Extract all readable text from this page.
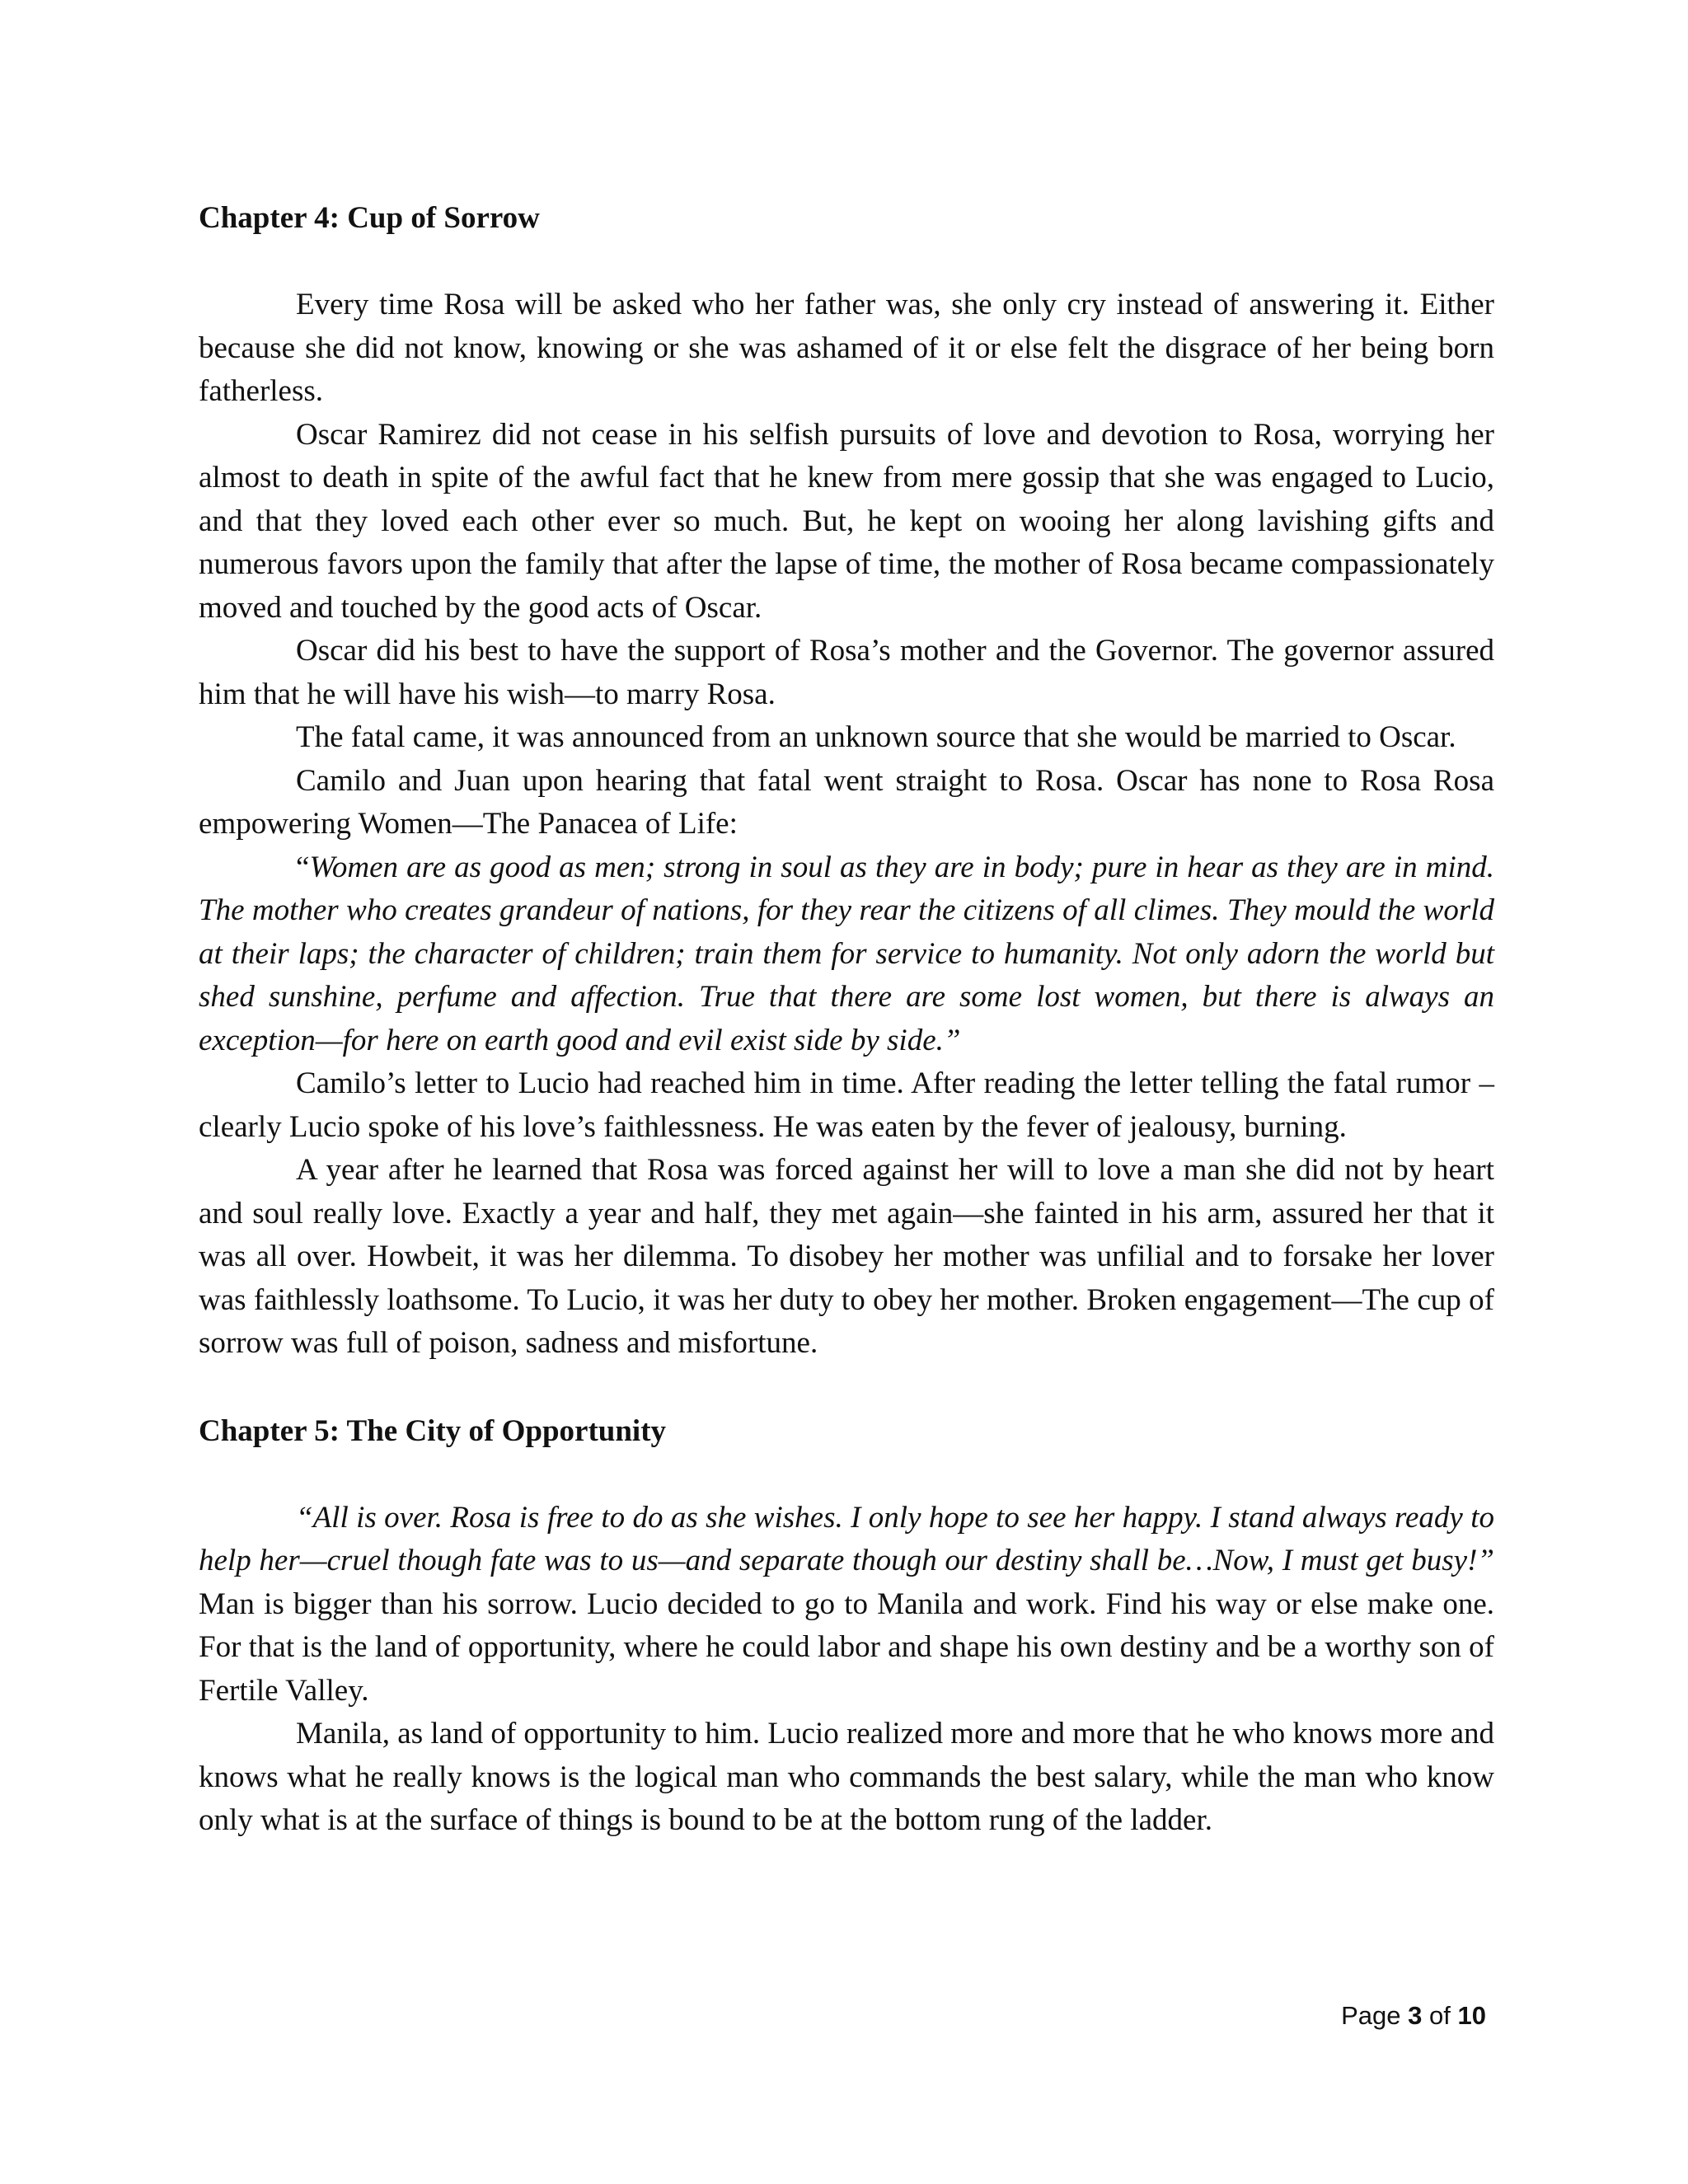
Chapter 4: Cup of Sorrow

Every time Rosa will be asked who her father was, she only cry instead of answering it. Either because she did not know, knowing or she was ashamed of it or else felt the disgrace of her being born fatherless.

Oscar Ramirez did not cease in his selfish pursuits of love and devotion to Rosa, worrying her almost to death in spite of the awful fact that he knew from mere gossip that she was engaged to Lucio, and that they loved each other ever so much. But, he kept on wooing her along lavishing gifts and numerous favors upon the family that after the lapse of time, the mother of Rosa became compassionately moved and touched by the good acts of Oscar.

Oscar did his best to have the support of Rosa’s mother and the Governor. The governor assured him that he will have his wish—to marry Rosa.

The fatal came, it was announced from an unknown source that she would be married to Oscar.

Camilo and Juan upon hearing that fatal went straight to Rosa. Oscar has none to Rosa Rosa empowering Women—The Panacea of Life:

“Women are as good as men; strong in soul as they are in body; pure in hear as they are in mind. The mother who creates grandeur of nations, for they rear the citizens of all climes. They mould the world at their laps; the character of children; train them for service to humanity. Not only adorn the world but shed sunshine, perfume and affection. True that there are some lost women, but there is always an exception—for here on earth good and evil exist side by side.”

Camilo’s letter to Lucio had reached him in time. After reading the letter telling the fatal rumor –clearly Lucio spoke of his love’s faithlessness. He was eaten by the fever of jealousy, burning.

A year after he learned that Rosa was forced against her will to love a man she did not by heart and soul really love. Exactly a year and half, they met again—she fainted in his arm, assured her that it was all over. Howbeit, it was her dilemma. To disobey her mother was unfilial and to forsake her lover was faithlessly loathsome. To Lucio, it was her duty to obey her mother. Broken engagement—The cup of sorrow was full of poison, sadness and misfortune.

Chapter 5: The City of Opportunity

“All is over. Rosa is free to do as she wishes. I only hope to see her happy. I stand always ready to help her—cruel though fate was to us—and separate though our destiny shall be…Now, I must get busy!” Man is bigger than his sorrow. Lucio decided to go to Manila and work. Find his way or else make one. For that is the land of opportunity, where he could labor and shape his own destiny and be a worthy son of Fertile Valley.

Manila, as land of opportunity to him. Lucio realized more and more that he who knows more and knows what he really knows is the logical man who commands the best salary, while the man who know only what is at the surface of things is bound to be at the bottom rung of the ladder.

Page 3 of 10
